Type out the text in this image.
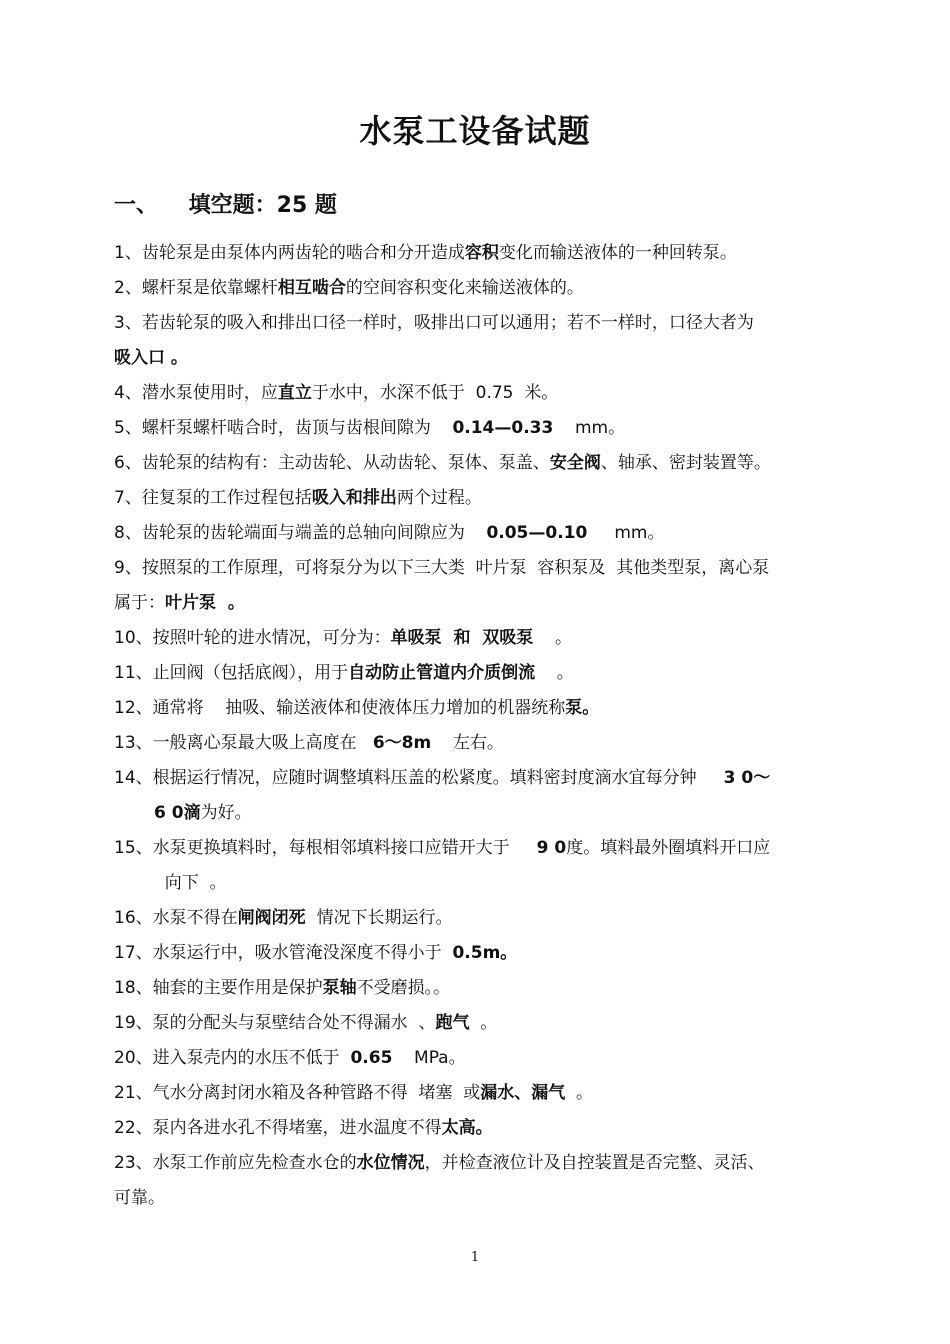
水泵工设备试题
一、    填空题：25 题

1、齿轮泵是由泵体内两齿轮的啮合和分开造成容积变化而输送液体的一种回转泵。

2、螺杆泵是依靠螺杆相互啮合的空间容积变化来输送液体的。

3、若齿轮泵的吸入和排出口径一样时，吸排出口可以通用；若不一样时，口径大者为

吸入口 。

4、潜水泵使用时，应直立于水中，水深不低于  0.75  米。

5、螺杆泵螺杆啮合时，齿顶与齿根间隙为    0.14—0.33    mm。

6、齿轮泵的结构有：主动齿轮、从动齿轮、泵体、泵盖、安全阀、轴承、密封装置等。

7、往复泵的工作过程包括吸入和排出两个过程。

8、齿轮泵的齿轮端面与端盖的总轴向间隙应为    0.05—0.10     mm。

9、按照泵的工作原理，可将泵分为以下三大类  叶片泵  容积泵及  其他类型泵，离心泵

属于：叶片泵  。

10、按照叶轮的进水情况，可分为：单吸泵  和  双吸泵    。

11、止回阀（包括底阀），用于自动防止管道内介质倒流    。

12、通常将    抽吸、输送液体和使液体压力增加的机器统称泵。

13、一般离心泵最大吸上高度在   6～8m    左右。

14、根据运行情况，应随时调整填料压盖的松紧度。填料密封度滴水宜每分钟     3 0～

6 0滴为好。

15、水泵更换填料时，每根相邻填料接口应错开大于     9 0度。填料最外圈填料开口应

向下  。

16、水泵不得在闸阀闭死  情况下长期运行。

17、水泵运行中，吸水管淹没深度不得小于  0.5m。

18、轴套的主要作用是保护泵轴不受磨损。。

19、泵的分配头与泵壁结合处不得漏水  、跑气  。

20、进入泵壳内的水压不低于  0.65    MPa。

21、气水分离封闭水箱及各种管路不得  堵塞  或漏水、漏气  。

22、泵内各进水孔不得堵塞，进水温度不得太高。

23、水泵工作前应先检查水仓的水位情况，并检查液位计及自控装置是否完整、灵活、

可靠。

1
